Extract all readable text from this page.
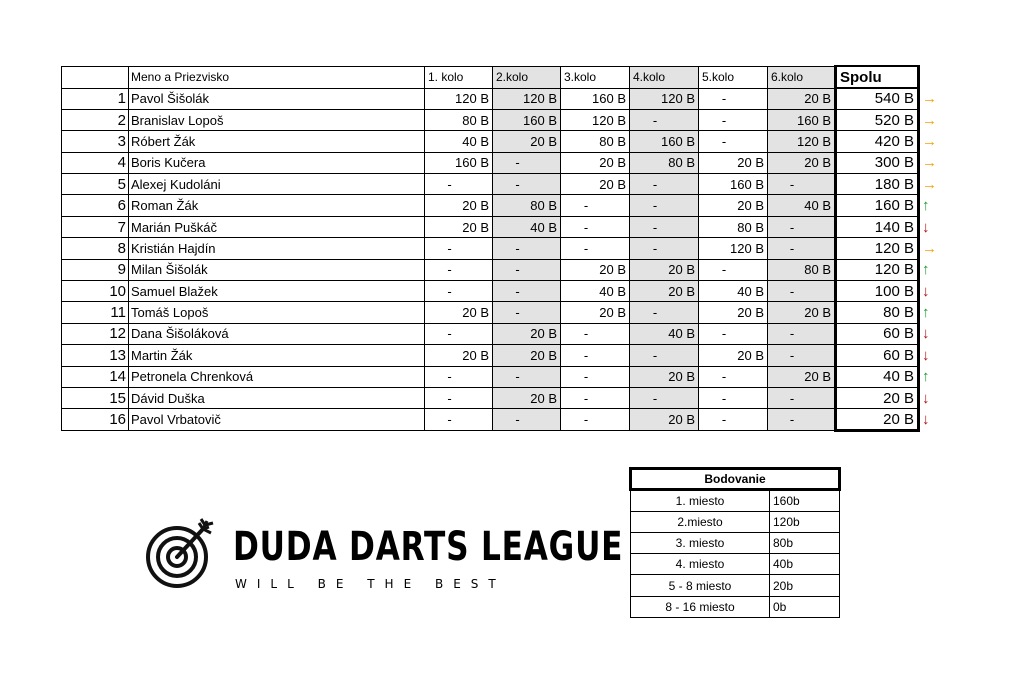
	Meno a Priezvisko	1. kolo	2.kolo	3.kolo	4.kolo	5.kolo	6.kolo	Spolu	
1	Pavol Šišolák	120 B	120 B	160 B	120 B	-	20 B	540 B	→
2	Branislav Lopoš	80 B	160 B	120 B	-	-	160 B	520 B	→
3	Róbert Žák	40 B	20 B	80 B	160 B	-	120 B	420 B	→
4	Boris Kučera	160 B	-	20 B	80 B	20 B	20 B	300 B	→
5	Alexej Kudoláni	-	-	20 B	-	160 B	-	180 B	→
6	Roman Žák	20 B	80 B	-	-	20 B	40 B	160 B	↑
7	Marián Puškáč	20 B	40 B	-	-	80 B	-	140 B	↓
8	Kristián Hajdín	-	-	-	-	120 B	-	120 B	→
9	Milan Šišolák	-	-	20 B	20 B	-	80 B	120 B	↑
10	Samuel Blažek	-	-	40 B	20 B	40 B	-	100 B	↓
11	Tomáš Lopoš	20 B	-	20 B	-	20 B	20 B	80 B	↑
12	Dana Šišoláková	-	20 B	-	40 B	-	-	60 B	↓
13	Martin Žák	20 B	20 B	-	-	20 B	-	60 B	↓
14	Petronela Chrenková	-	-	-	20 B	-	20 B	40 B	↑
15	Dávid Duška	-	20 B	-	-	-	-	20 B	↓
16	Pavol Vrbatovič	-	-	-	20 B	-	-	20 B	↓
DUDA DARTS LEAGUE
WILL BE THE BEST
Bodovanie	
1. miesto	160b
2.miesto	120b
3. miesto	80b
4. miesto	40b
5 - 8 miesto	20b
8 - 16 miesto	0b
